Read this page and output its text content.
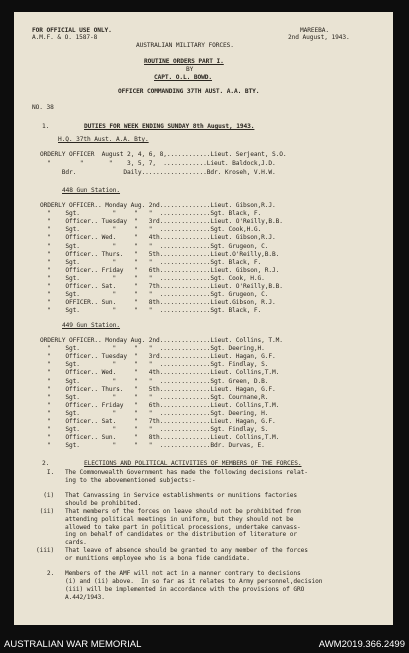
FOR OFFICIAL USE ONLY.
A.M.F. & O. 1587-8
MAREEBA.
2nd August, 1943.
AUSTRALIAN MILITARY FORCES.
ROUTINE ORDERS PART I.
BY
CAPT. O.L. BOWD.
OFFICER COMMANDING 37TH AUST. A.A. BTY.
NO. 38
1.	DUTIES FOR WEEK ENDING SUNDAY 8th August, 1943.
H.Q. 37th Aust. A.A. Bty.
ORDERLY OFFICER  August 2, 4, 6, 8,............Lieut. Serjeant, S.O.
"        "       "    3, 5, 7,  ............Lieut. Baldock,J.D.
Bdr.             Daily..................Bdr. Kroseh, V.H.W.
448 Gun Station.
ORDERLY OFFICER.. Monday Aug. 2nd..............Lieut. Gibson,R.J.
"    Sgt.         "     "   "  ..............Sgt. Black, F.
"    Officer.. Tuesday  "   3rd..............Lieut. O'Reilly,B.B.
"    Sgt.         "     "   "  ..............Sgt. Cook,H.G.
"    Officer.. Wed.     "   4th..............Lieut. Gibson,R.J.
"    Sgt.         "     "   "  ..............Sgt. Grugeon, C.
"    Officer.. Thurs.   "   5th..............Lieut.O'Reilly,B.B.
"    Sgt.         "     "   "  ..............Sgt. Black, F.
"    Officer.. Friday   "   6th..............Lieut. Gibson, R.J.
"    Sgt.         "     "   "  ..............Sgt. Cook, H.G.
"    Officer.. Sat.     "   7th..............Lieut. O'Reilly,B.B.
"    Sgt.         "     "   "  ..............Sgt. Grugeon, C.
"    OFFICER.. Sun.     "   8th..............Lieut.Gibson, R.J.
"    Sgt.         "     "   "  ..............Sgt. Black, F.
449 Gun Station.
ORDERLY OFFICER.. Monday Aug. 2nd..............Lieut. Collins, T.M.
"    Sgt.         "     "   "  ..............Sgt. Deering,H.
"    Officer.. Tuesday  "   3rd..............Lieut. Hagan, G.F.
"    Sgt.         "     "   "  ..............Sgt. Findlay, S.
"    Officer.. Wed.     "   4th..............Lieut. Collins,T.M.
"    Sgt.         "     "   "  ..............Sgt. Green, D.B.
"    Officer.. Thurs.   "   5th..............Lieut. Hagan, G.F.
"    Sgt.         "     "   "  ..............Sgt. Cournane,R.
"    Officer.. Friday   "   6th..............Lieut. Collins,T.M.
"    Sgt.         "     "   "  ..............Sgt. Deering, H.
"    Officer.. Sat.     "   7th..............Lieut. Hagan, G.F.
"    Sgt.         "     "   "  ..............Sgt. Findlay, S.
"    Officer.. Sun.     "   8th..............Lieut. Collins,T.M.
"    Sgt.         "     "   "  ..............Bdr. Durvas, E.
2.	ELECTIONS AND POLITICAL ACTIVITIES OF MEMBERS OF THE FORCES.
I.   The Commonwealth Government has made the following decisions relat-
ing to the abovementioned subjects:-
(i)   That Canvassing in Service establishments or munitions factories
should be prohibited.
(ii)   That members of the forces on leave should not be prohibited from
attending political meetings in uniform, but they should not be
allowed to take part in political processions, undertake canvass-
ing on behalf of candidates or the distribution of literature or
cards.
(iii)   That leave of absence should be granted to any member of the forces
or munitions employee who is a bona fide candidate.
2.   Members of the AMF will not act in a manner contrary to decisions
(i) and (ii) above.  In so far as it relates to Army personnel,decision
(iii) will be implemented in accordance with the provisions of GRO
A.442/1943.
AUSTRALIAN WAR MEMORIAL	AWM2019.366.2499
